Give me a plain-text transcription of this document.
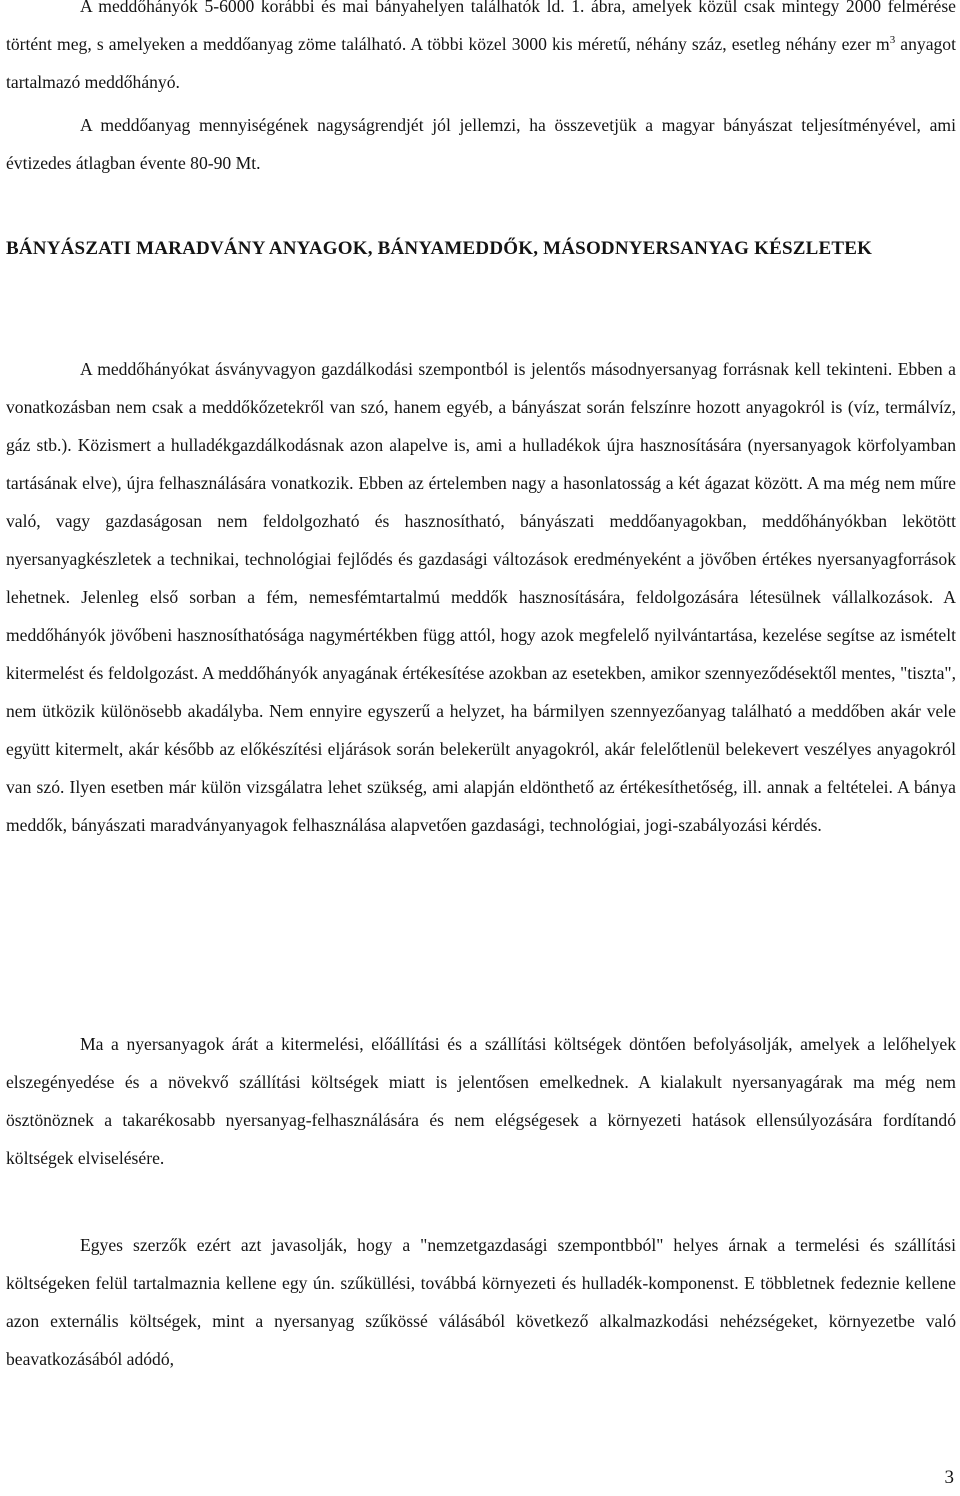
A meddőhányók 5-6000 korábbi és mai bányahelyen találhatók ld. 1. ábra, amelyek közül csak mintegy 2000 felmérése történt meg, s amelyeken a meddőanyag zöme található. A többi közel 3000 kis méretű, néhány száz, esetleg néhány ezer $m^3$ anyagot tartalmazó meddőhányó.

A meddőanyag mennyiségének nagyságrendjét jól jellemzi, ha összevetjük a magyar bányászat teljesítményével, ami évtizedes átlagban évente 80-90 Mt.

BÁNYÁSZATI MARADVÁNY ANYAGOK, BÁNYAMEDDŐK, MÁSODNYERSANYAG KÉSZLETEK

A meddőhányókat ásványvagyon gazdálkodási szempontból is jelentős másodnyersanyag forrásnak kell tekinteni. Ebben a vonatkozásban nem csak a meddőkőzetekről van szó, hanem egyéb, a bányászat során felszínre hozott anyagokról is (víz, termálvíz, gáz stb.). Közismert a hulladékgazdálkodásnak azon alapelve is, ami a hulladékok újra hasznosítására (nyersanyagok körfolyamban tartásának elve), újra felhasználására vonatkozik. Ebben az értelemben nagy a hasonlatosság a két ágazat között. A ma még nem műre való, vagy gazdaságosan nem feldolgozható és hasznosítható, bányászati meddőanyagokban, meddőhányókban lekötött nyersanyagkészletek a technikai, technológiai fejlődés és gazdasági változások eredményeként a jövőben értékes nyersanyagforrások lehetnek. Jelenleg első sorban a fém, nemesfémtartalmú meddők hasznosítására, feldolgozására létesülnek vállalkozások. A meddőhányók jövőbeni hasznosíthatósága nagymértékben függ attól, hogy azok megfelelő nyilvántartása, kezelése segítse az ismételt kitermelést és feldolgozást. A meddőhányók anyagának értékesítése azokban az esetekben, amikor szennyeződésektől mentes, "tiszta", nem ütközik különösebb akadályba. Nem ennyire egyszerű a helyzet, ha bármilyen szennyezőanyag található a meddőben akár vele együtt kitermelt, akár később az előkészítési eljárások során belekerült anyagokról, akár felelőtlenül belekevert veszélyes anyagokról van szó. Ilyen esetben már külön vizsgálatra lehet szükség, ami alapján eldönthető az értékesíthetőség, ill. annak a feltételei. A bánya meddők, bányászati maradványanyagok felhasználása alapvetően gazdasági, technológiai, jogi-szabályozási kérdés.

Ma a nyersanyagok árát a kitermelési, előállítási és a szállítási költségek döntően befolyásolják, amelyek a lelőhelyek elszegényedése és a növekvő szállítási költségek miatt is jelentősen emelkednek. A kialakult nyersanyagárak ma még nem ösztönöznek a takarékosabb nyersanyag-felhasználására és nem elégségesek a környezeti hatások ellensúlyozására fordítandó költségek elviselésére.

Egyes szerzők ezért azt javasolják, hogy a "nemzetgazdasági szempontbból" helyes árnak a termelési és szállítási költségeken felül tartalmaznia kellene egy ún. szűküllési, továbbá környezeti és hulladék-komponenst. E többletnek fedeznie kellene azon externális költségek, mint a nyersanyag szűkössé válásából következő alkalmazkodási nehézségeket, környezetbe való beavatkozásából adódó,

3
